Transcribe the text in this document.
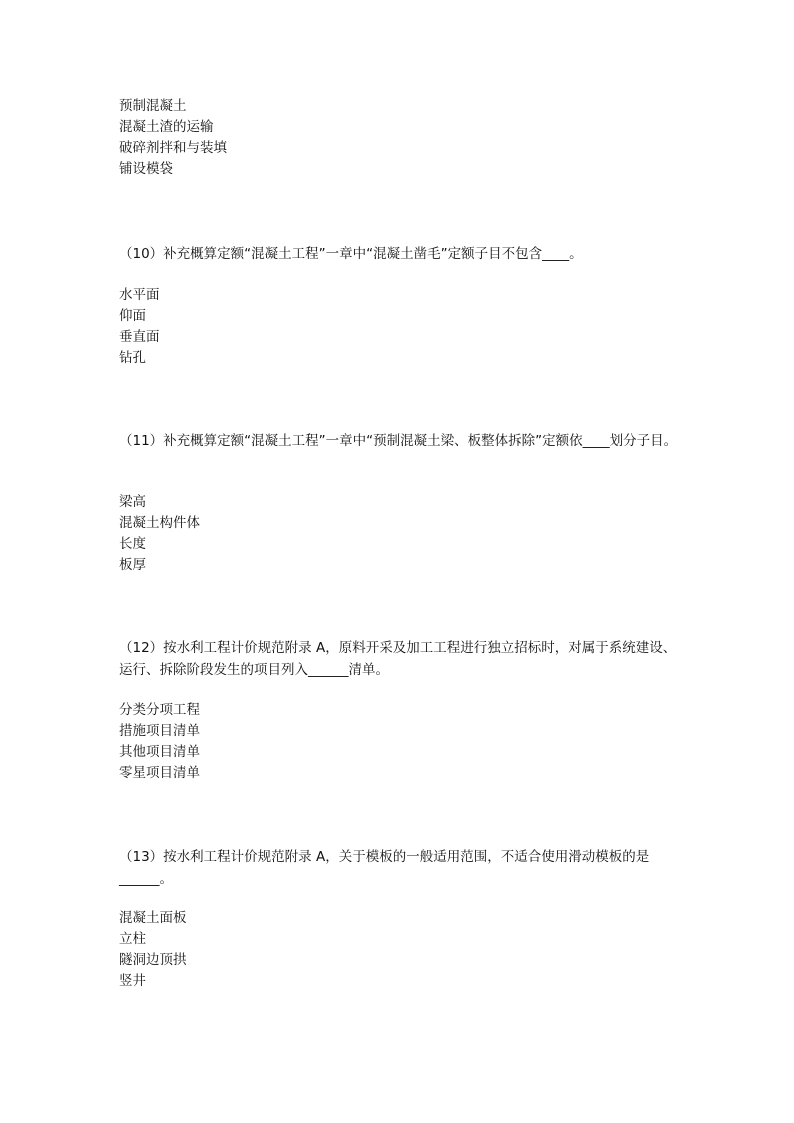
预制混凝土
混凝土渣的运输
破碎剂拌和与装填
铺设模袋
（10）补充概算定额“混凝土工程”一章中“混凝土凿毛”定额子目不包含____。
水平面
仰面
垂直面
钻孔
（11）补充概算定额“混凝土工程”一章中“预制混凝土梁、板整体拆除”定额依____划分子目。
梁高
混凝土构件体
长度
板厚
（12）按水利工程计价规范附录 A，原料开采及加工工程进行独立招标时，对属于系统建设、运行、拆除阶段发生的项目列入______清单。
分类分项工程
措施项目清单
其他项目清单
零星项目清单
（13）按水利工程计价规范附录 A，关于模板的一般适用范围，不适合使用滑动模板的是______。
混凝土面板
立柱
隧洞边顶拱
竖井
